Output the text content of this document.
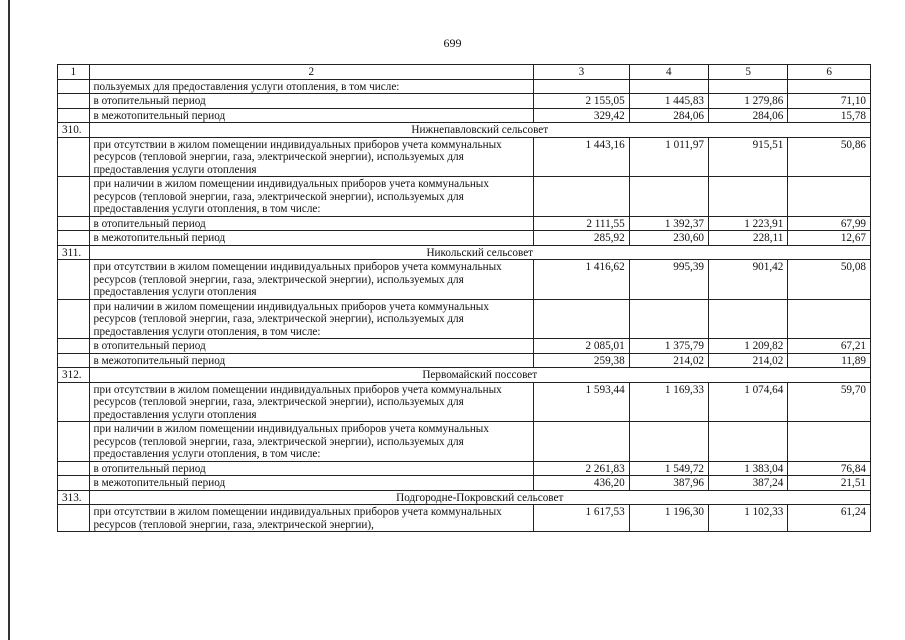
699
1	2	3	4	5	6
	пользуемых для предоставления услуги отопления, в том числе:				
	в отопительный период	2 155,05	1 445,83	1 279,86	71,10
	в межотопительный период	329,42	284,06	284,06	15,78
310.	Нижнепавловский сельсовет				
	при отсутствии в жилом помещении индивидуальных приборов учета коммунальных ресурсов (тепловой энергии, газа, электрической энергии), используемых для предоставления услуги отопления	1 443,16	1 011,97	915,51	50,86
	при наличии в жилом помещении индивидуальных приборов учета коммунальных ресурсов (тепловой энергии, газа, электрической энергии), используемых для предоставления услуги отопления, в том числе:				
	в отопительный период	2 111,55	1 392,37	1 223,91	67,99
	в межотопительный период	285,92	230,60	228,11	12,67
311.	Никольский сельсовет				
	при отсутствии в жилом помещении индивидуальных приборов учета коммунальных ресурсов (тепловой энергии, газа, электрической энергии), используемых для предоставления услуги отопления	1 416,62	995,39	901,42	50,08
	при наличии в жилом помещении индивидуальных приборов учета коммунальных ресурсов (тепловой энергии, газа, электрической энергии), используемых для предоставления услуги отопления, в том числе:				
	в отопительный период	2 085,01	1 375,79	1 209,82	67,21
	в межотопительный период	259,38	214,02	214,02	11,89
312.	Первомайский поссовет				
	при отсутствии в жилом помещении индивидуальных приборов учета коммунальных ресурсов (тепловой энергии, газа, электрической энергии), используемых для предоставления услуги отопления	1 593,44	1 169,33	1 074,64	59,70
	при наличии в жилом помещении индивидуальных приборов учета коммунальных ресурсов (тепловой энергии, газа, электрической энергии), используемых для предоставления услуги отопления, в том числе:				
	в отопительный период	2 261,83	1 549,72	1 383,04	76,84
	в межотопительный период	436,20	387,96	387,24	21,51
313.	Подгородне-Покровский сельсовет				
	при отсутствии в жилом помещении индивидуальных приборов учета коммунальных ресурсов (тепловой энергии, газа, электрической энергии),	1 617,53	1 196,30	1 102,33	61,24
